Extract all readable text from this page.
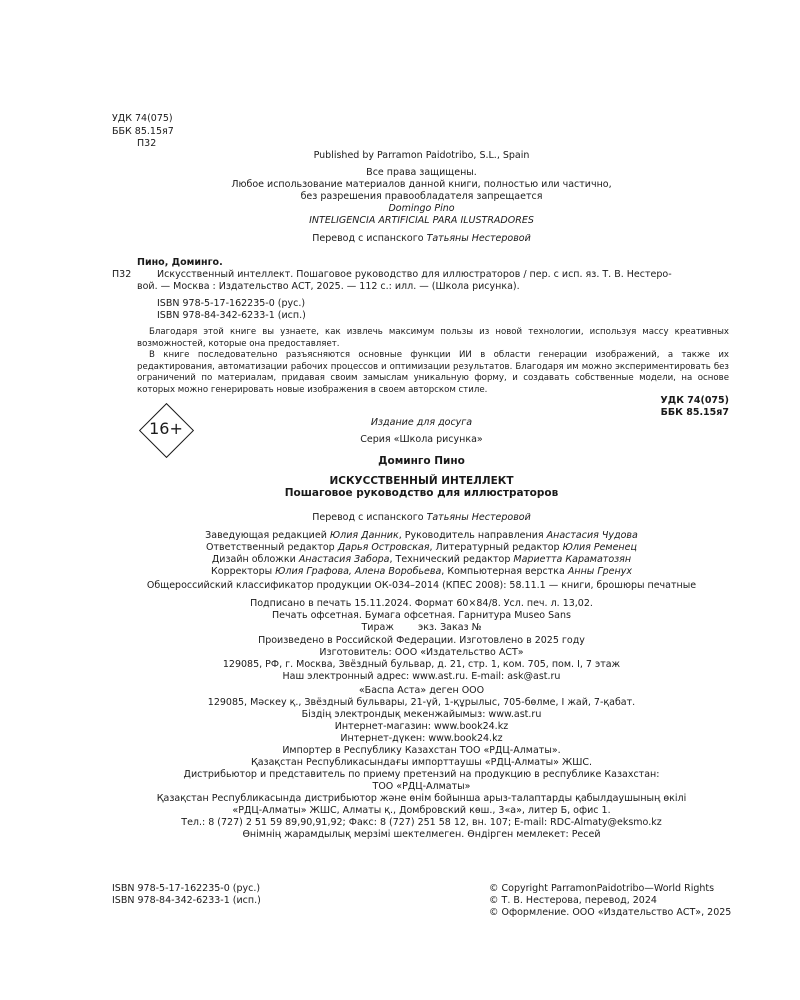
УДК 74(075)
ББК 85.15я7
П32
Published by Parramon Paidotribo, S.L., Spain
Все права защищены.
Любое использование материалов данной книги, полностью или частично,
без разрешения правообладателя запрещается
Domingo Pino
INTELIGENCIA ARTIFICIAL PARA ILUSTRADORES
Перевод с испанского Татьяны Нестеровой
Пино, Доминго.
П32	Искусственный интеллект. Пошаговое руководство для иллюстраторов / пер. с исп. яз. Т. В. Нестеро-
вой. — Москва : Издательство АСТ, 2025. — 112 с.: илл. — (Школа рисунка).
ISBN 978-5-17-162235-0 (рус.)
ISBN 978-84-342-6233-1 (исп.)

Благодаря этой книге вы узнаете, как извлечь максимум пользы из новой технологии, используя массу креативных возможностей, которые она предоставляет.

В книге последовательно разъясняются основные функции ИИ в области генерации изображений, а также их редактирования, автоматизации рабочих процессов и оптимизации результатов. Благодаря им можно экспериментировать без ограничений по материалам, придавая своим замыслам уникальную форму, и создавать собственные модели, на основе которых можно генерировать новые изображения в своем авторском стиле.

УДК 74(075)
ББК 85.15я7
16+	Издание для досуга
Серия «Школа рисунка»
Доминго Пино
ИСКУССТВЕННЫЙ ИНТЕЛЛЕКТ
Пошаговое руководство для иллюстраторов
Перевод с испанского Татьяны Нестеровой
Заведующая редакцией Юлия Данник, Руководитель направления Анастасия Чудова
Ответственный редактор Дарья Островская, Литературный редактор Юлия Ременец
Дизайн обложки Анастасия Забора, Технический редактор Мариетта Караматозян
Корректоры Юлия Графова, Алена Воробьева, Компьютерная верстка Анны Гренух
Общероссийский классификатор продукции ОК-034–2014 (КПЕС 2008): 58.11.1 — книги, брошюры печатные
Подписано в печать 15.11.2024. Формат 60×84/8. Усл. печ. л. 13,02.
Печать офсетная. Бумага офсетная. Гарнитура Museo Sans
Тираж        экз. Заказ №
Произведено в Российской Федерации. Изготовлено в 2025 году
Изготовитель: ООО «Издательство АСТ»
129085, РФ, г. Москва, Звёздный бульвар, д. 21, стр. 1, ком. 705, пом. I, 7 этаж
Наш электронный адрес: www.ast.ru. E-mail: ask@ast.ru
«Баспа Аста» деген ООО
129085, Мәскеу қ., Звёздный бульвары, 21-үй, 1-құрылыс, 705-бөлме, I жай, 7-қабат.
Біздің электрондық мекенжайымыз: www.ast.ru
Интернет-магазин: www.book24.kz
Интернет-дүкен: www.book24.kz
Импортер в Республику Казахстан ТОО «РДЦ-Алматы».
Қазақстан Республикасындағы импорттаушы «РДЦ-Алматы» ЖШС.
Дистрибьютор и представитель по приему претензий на продукцию в республике Казахстан:
ТОО «РДЦ-Алматы»
Қазақстан Республикасында дистрибьютор және өнім бойынша арыз-талаптарды қабылдаушының өкілі
«РДЦ-Алматы» ЖШС, Алматы қ., Домбровский көш., 3«а», литер Б, офис 1.
Тел.: 8 (727) 2 51 59 89,90,91,92; Факс: 8 (727) 251 58 12, вн. 107; E-mail: RDC-Almaty@eksmo.kz
Өнімнің жарамдылық мерзімі шектелмеген. Өндірген мемлекет: Ресей
ISBN 978-5-17-162235-0 (рус.)
ISBN 978-84-342-6233-1 (исп.)
© Copyright ParramonPaidotribo—World Rights
© Т. В. Нестерова, перевод, 2024
© Оформление. ООО «Издательство АСТ», 2025
